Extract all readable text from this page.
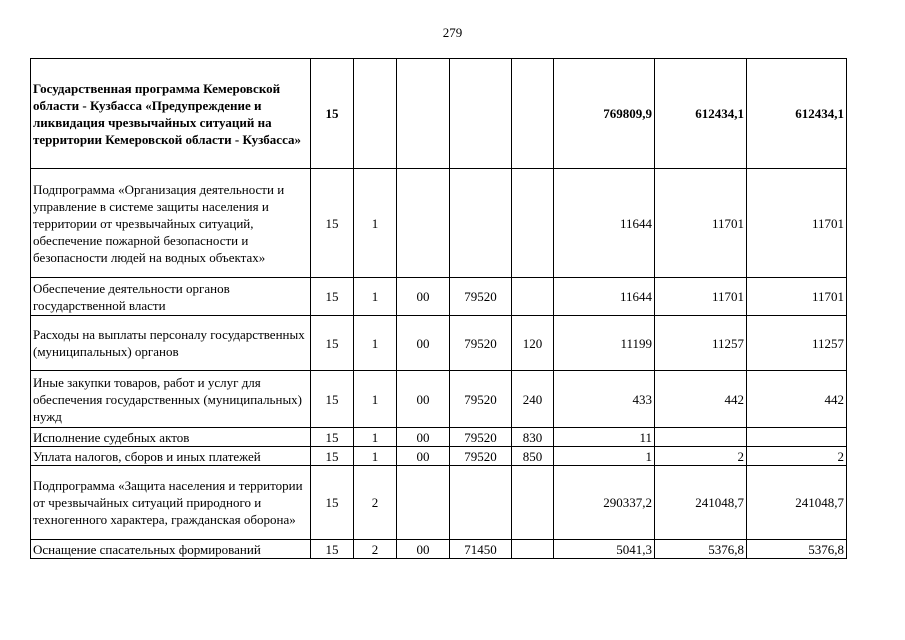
279
Государственная программа Кемеровской области - Кузбасса «Предупреждение и ликвидация чрезвычайных ситуаций на территории Кемеровской области - Кузбасса»	15					769809,9	612434,1	612434,1
Подпрограмма «Организация деятельности и управление в системе защиты населения и территории от чрезвычайных ситуаций, обеспечение пожарной безопасности и безопасности людей на водных объектах»	15	1				11644	11701	11701
Обеспечение деятельности органов государственной власти	15	1	00	79520		11644	11701	11701
Расходы на выплаты персоналу государственных (муниципальных) органов	15	1	00	79520	120	11199	11257	11257
Иные закупки товаров, работ и услуг для обеспечения государственных (муниципальных) нужд	15	1	00	79520	240	433	442	442
Исполнение судебных актов	15	1	00	79520	830	11		
Уплата налогов, сборов и иных платежей	15	1	00	79520	850	1	2	2
Подпрограмма «Защита населения и территории от чрезвычайных ситуаций природного и техногенного характера, гражданская оборона»	15	2				290337,2	241048,7	241048,7
Оснащение спасательных формирований	15	2	00	71450		5041,3	5376,8	5376,8
